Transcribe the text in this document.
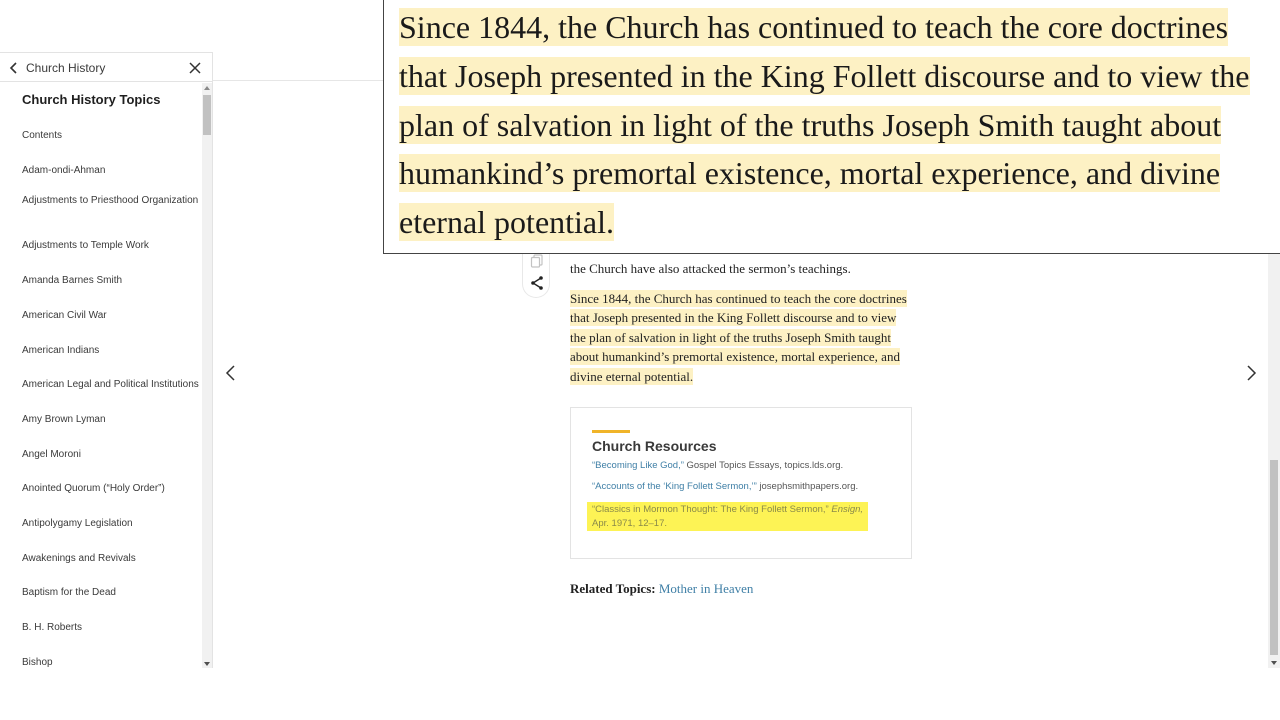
Church History
Church History Topics
Contents
Adam-ondi-Ahman
Adjustments to Priesthood Organization
Adjustments to Temple Work
Amanda Barnes Smith
American Civil War
American Indians
American Legal and Political Institutions
Amy Brown Lyman
Angel Moroni
Anointed Quorum (“Holy Order”)
Antipolygamy Legislation
Awakenings and Revivals
Baptism for the Dead
B. H. Roberts
Bishop

the Church have also attacked the sermon’s teachings.

Since 1844, the Church has continued to teach the core doctrines that Joseph presented in the King Follett discourse and to view the plan of salvation in light of the truths Joseph Smith taught about humankind’s premortal existence, mortal experience, and divine eternal potential.

Church Resources
“Becoming Like God,” Gospel Topics Essays, topics.lds.org.
“Accounts of the ‘King Follett Sermon,’” josephsmithpapers.org.
“Classics in Mormon Thought: The King Follett Sermon,” Ensign, Apr. 1971, 12–17.
Related Topics: Mother in Heaven

Since 1844, the Church has continued to teach the core doctrines that Joseph presented in the King Follett discourse and to view the plan of salvation in light of the truths Joseph Smith taught about humankind’s premortal existence, mortal experience, and divine eternal potential.
